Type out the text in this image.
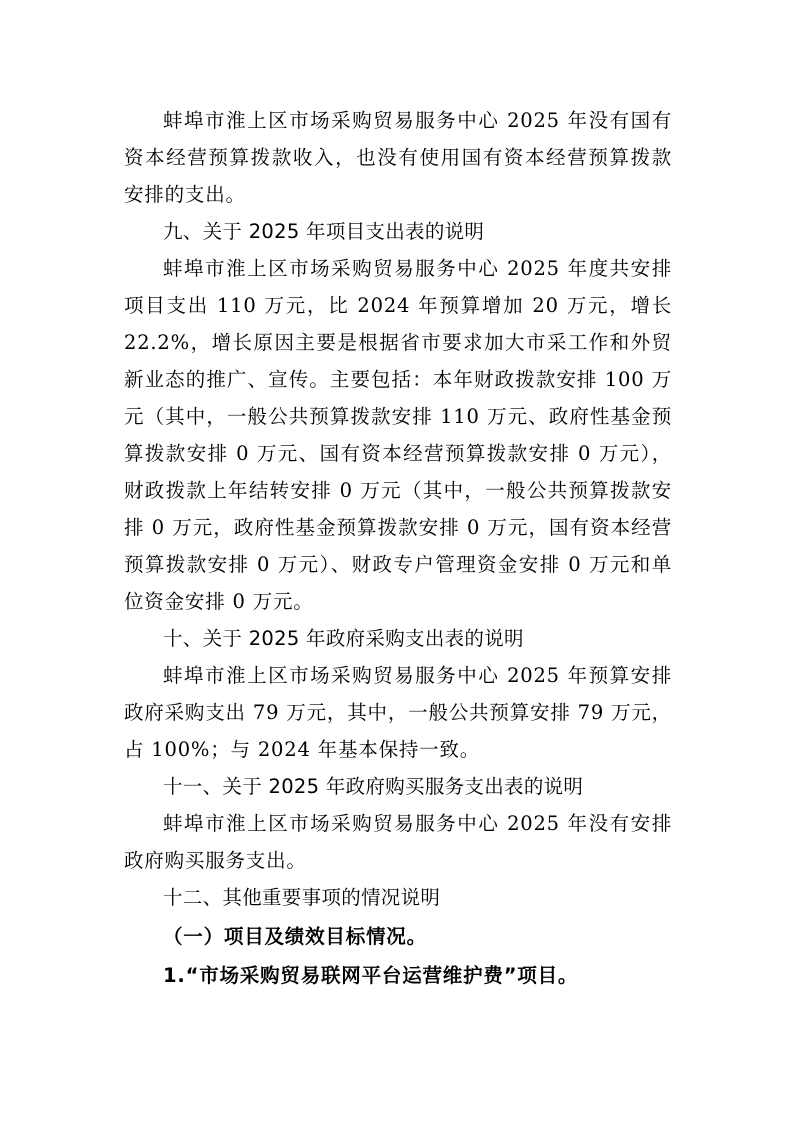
蚌埠市淮上区市场采购贸易服务中心 2025 年没有国有资本经营预算拨款收入，也没有使用国有资本经营预算拨款安排的支出。

九、关于 2025 年项目支出表的说明

蚌埠市淮上区市场采购贸易服务中心 2025 年度共安排项目支出 110 万元，比 2024 年预算增加 20 万元，增长 22.2%，增长原因主要是根据省市要求加大市采工作和外贸新业态的推广、宣传。主要包括：本年财政拨款安排 100 万元（其中，一般公共预算拨款安排 110 万元、政府性基金预算拨款安排 0 万元、国有资本经营预算拨款安排 0 万元），财政拨款上年结转安排 0 万元（其中，一般公共预算拨款安排 0 万元，政府性基金预算拨款安排 0 万元，国有资本经营预算拨款安排 0 万元）、财政专户管理资金安排 0 万元和单位资金安排 0 万元。

十、关于 2025 年政府采购支出表的说明

蚌埠市淮上区市场采购贸易服务中心 2025 年预算安排政府采购支出 79 万元，其中，一般公共预算安排 79 万元，占 100%；与 2024 年基本保持一致。

十一、关于 2025 年政府购买服务支出表的说明

蚌埠市淮上区市场采购贸易服务中心 2025 年没有安排政府购买服务支出。

十二、其他重要事项的情况说明

（一）项目及绩效目标情况。

1.“市场采购贸易联网平台运营维护费”项目。
